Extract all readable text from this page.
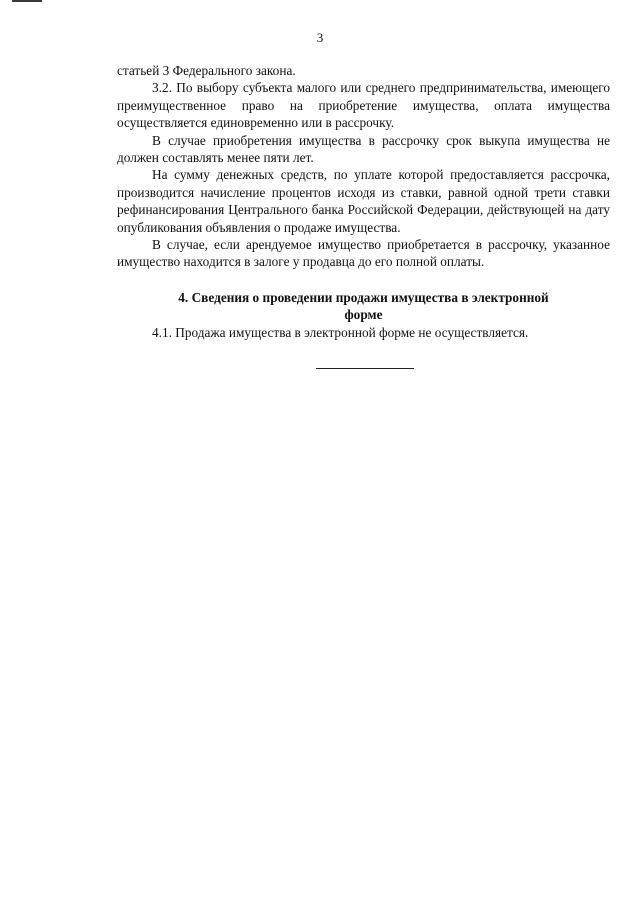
3

статьей 3 Федерального закона.

3.2. По выбору субъекта малого или среднего предпринимательства, имеющего преимущественное право на приобретение имущества, оплата имущества осуществляется единовременно или в рассрочку.

В случае приобретения имущества в рассрочку срок выкупа имущества не должен составлять менее пяти лет.

На сумму денежных средств, по уплате которой предоставляется рассрочка, производится начисление процентов исходя из ставки, равной одной трети ставки рефинансирования Центрального банка Российской Федерации, действующей на дату опубликования объявления о продаже имущества.

В случае, если арендуемое имущество приобретается в рассрочку, указанное имущество находится в залоге у продавца до его полной оплаты.

4. Сведения о проведении продажи имущества в электронной
форме

4.1. Продажа имущества в электронной форме не осуществляется.
